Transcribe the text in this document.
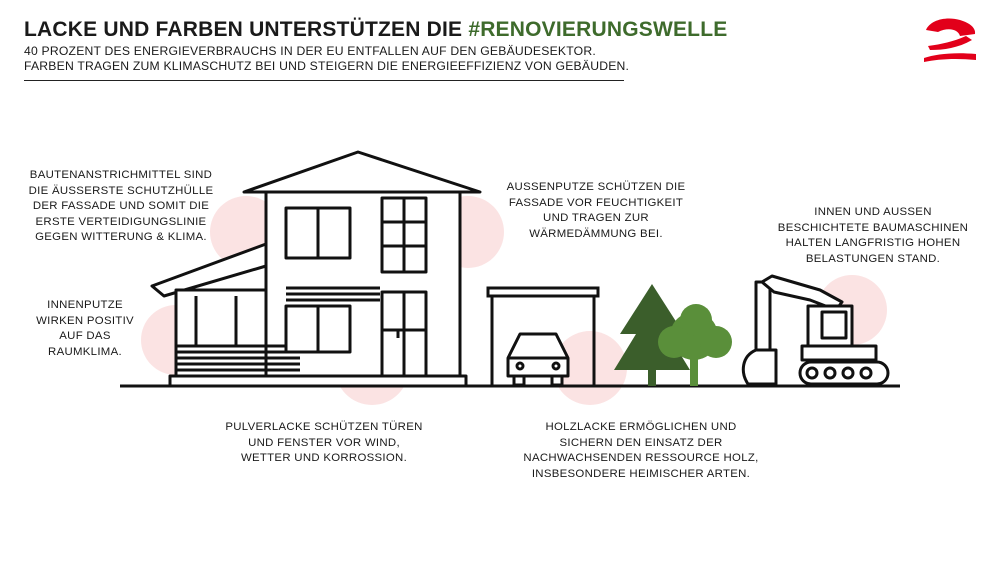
LACKE UND FARBEN UNTERSTÜTZEN DIE #RENOVIERUNGSWELLE
40 PROZENT DES ENERGIEVERBRAUCHS IN DER EU ENTFALLEN AUF DEN GEBÄUDESEKTOR.
FARBEN TRAGEN ZUM KLIMASCHUTZ BEI UND STEIGERN DIE ENERGIEEFFIZIENZ VON GEBÄUDEN.
BAUTENANSTRICHMITTEL SIND
DIE ÄUSSERSTE SCHUTZHÜLLE
DER FASSADE UND SOMIT DIE
ERSTE VERTEIDIGUNGSLINIE
GEGEN WITTERUNG & KLIMA.
INNENPUTZE
WIRKEN POSITIV
AUF DAS
RAUMKLIMA.
AUSSENPUTZE SCHÜTZEN DIE
FASSADE VOR FEUCHTIGKEIT
UND TRAGEN ZUR
WÄRMEDÄMMUNG BEI.
INNEN UND AUSSEN
BESCHICHTETE BAUMASCHINEN
HALTEN LANGFRISTIG HOHEN
BELASTUNGEN STAND.
PULVERLACKE SCHÜTZEN TÜREN
UND FENSTER VOR WIND,
WETTER UND KORROSSION.
HOLZLACKE ERMÖGLICHEN UND
SICHERN DEN EINSATZ DER
NACHWACHSENDEN RESSOURCE HOLZ,
INSBESONDERE HEIMISCHER ARTEN.
